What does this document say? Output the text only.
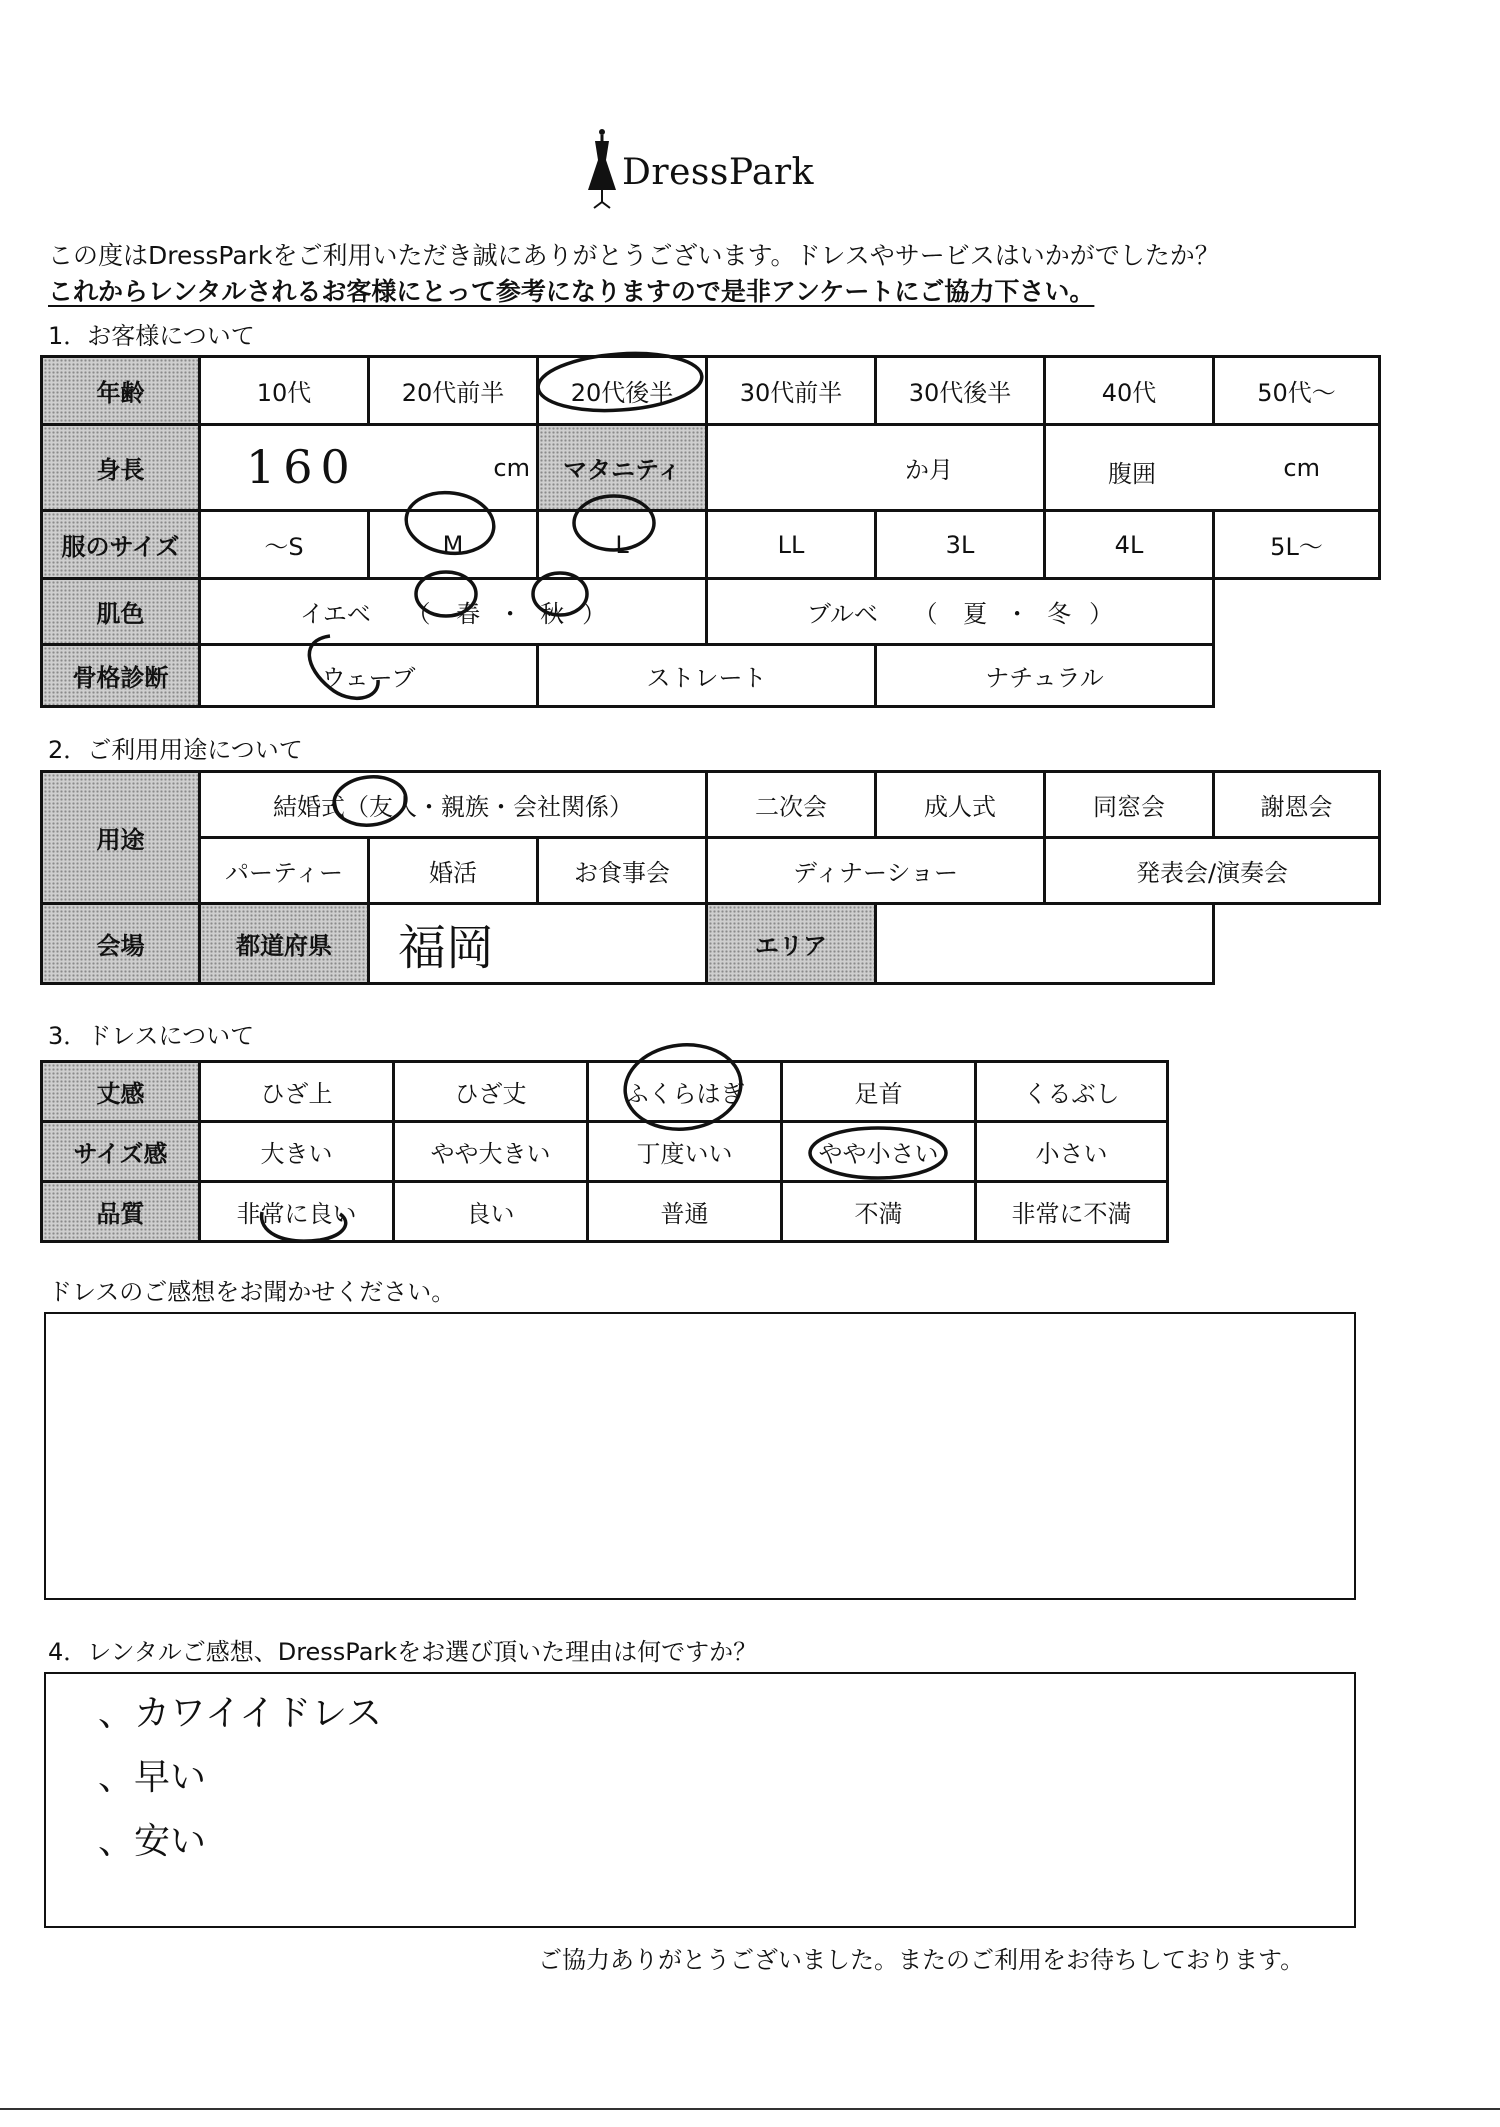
DressPark
この度はDressParkをご利用いただき誠にありがとうございます。ドレスやサービスはいかがでしたか？
これからレンタルされるお客様にとって参考になりますので是非アンケートにご協力下さい。
1．お客様について
年齢	10代	20代前半	20代後半	30代前半	30代後半	40代	50代～
身長	160 cm		マタニティ	か月		腹囲 cm	

服のサイズ	～S	M	L	LL	3L	4L	5L～
肌色	イエベ （ 春 ・ 秋 ）			ブルベ （ 夏 ・ 冬 ）			
骨格診断	ウェーブ		ストレート		ナチュラル		
2．ご利用用途について
用途	結婚式（友人・親族・会社関係）			二次会	成人式	同窓会	謝恩会
	パーティー	婚活	お食事会	ディナーショー		発表会/演奏会	
会場	都道府県	福岡		エリア			
3．ドレスについて
丈感	ひざ上	ひざ丈	ふくらはぎ	足首	くるぶし
サイズ感	大きい	やや大きい	丁度いい	やや小さい	小さい
品質	非常に良い	良い	普通	不満	非常に不満
ドレスのご感想をお聞かせください。
4．レンタルご感想、DressParkをお選び頂いた理由は何ですか？
、カワイイドレス
、早い
、安い
ご協力ありがとうございました。またのご利用をお待ちしております。
